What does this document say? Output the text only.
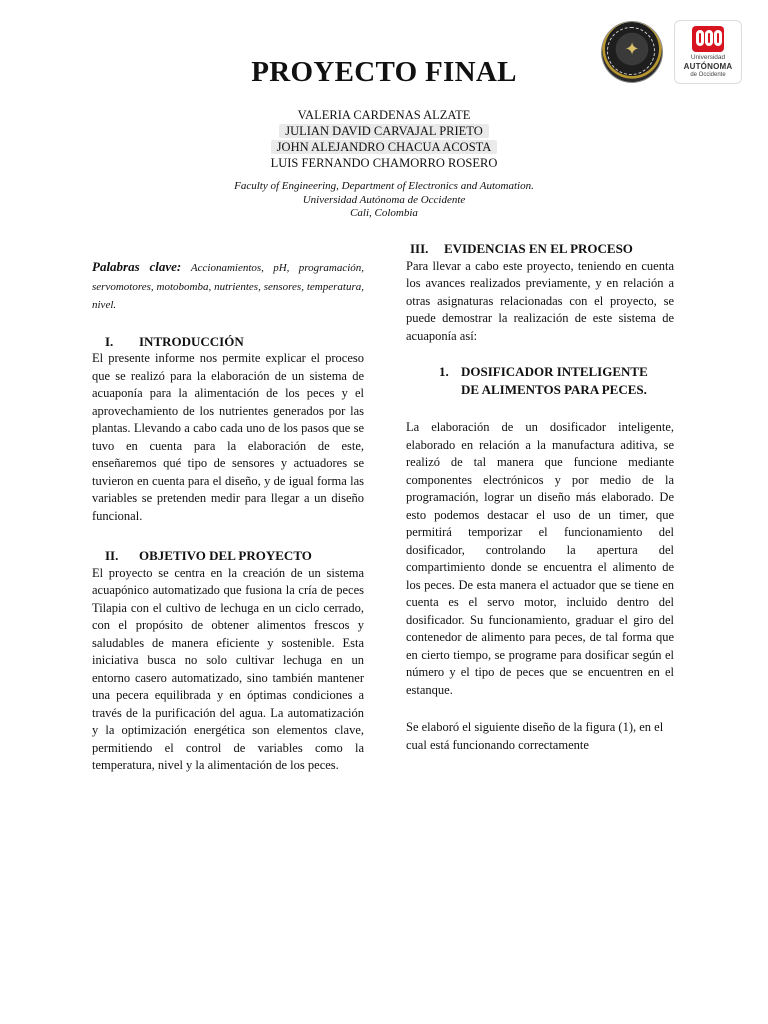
✦	Universidad
AUTÓNOMA
de Occidente
PROYECTO FINAL
VALERIA CARDENAS ALZATE
JULIAN DAVID CARVAJAL PRIETO
JOHN ALEJANDRO CHACUA ACOSTA
LUIS FERNANDO CHAMORRO ROSERO
Faculty of Engineering, Department of Electronics and Automation.
Universidad Autónoma de Occidente
Cali, Colombia

Palabras clave: Accionamientos, pH, programación, servomotores, motobomba, nutrientes, sensores, temperatura, nivel.

I. INTRODUCCIÓN

El presente informe nos permite explicar el proceso que se realizó para la elaboración de un sistema de acuaponía para la alimentación de los peces y el aprovechamiento de los nutrientes generados por las plantas. Llevando a cabo cada uno de los pasos que se tuvo en cuenta para la elaboración de este, enseñaremos qué tipo de sensores y actuadores se tuvieron en cuenta para el diseño, y de igual forma las variables se pretenden medir para llegar a un diseño funcional.

II. OBJETIVO DEL PROYECTO

El proyecto se centra en la creación de un sistema acuapónico automatizado que fusiona la cría de peces Tilapia con el cultivo de lechuga en un ciclo cerrado, con el propósito de obtener alimentos frescos y saludables de manera eficiente y sostenible. Esta iniciativa busca no solo cultivar lechuga en un entorno casero automatizado, sino también mantener una pecera equilibrada y en óptimas condiciones a través de la purificación del agua. La automatización y la optimización energética son elementos clave, permitiendo el control de variables como la temperatura, nivel y la alimentación de los peces.

III. EVIDENCIAS EN EL PROCESO

Para llevar a cabo este proyecto, teniendo en cuenta los avances realizados previamente, y en relación a otras asignaturas relacionadas con el proyecto, se puede demostrar la realización de este sistema de acuaponía así:

1. DOSIFICADOR INTELIGENTE
DE ALIMENTOS PARA PECES.

La elaboración de un dosificador inteligente, elaborado en relación a la manufactura aditiva, se realizó de tal manera que funcione mediante componentes electrónicos y por medio de la programación, lograr un diseño más elaborado. De esto podemos destacar el uso de un timer, que permitirá temporizar el funcionamiento del dosificador, controlando la apertura del compartimiento donde se encuentra el alimento de los peces. De esta manera el actuador que se tiene en cuenta es el servo motor, incluido dentro del dosificador. Su funcionamiento, graduar el giro del contenedor de alimento para peces, de tal forma que en cierto tiempo, se programe para dosificar según el número y el tipo de peces que se encuentren en el estanque.

Se elaboró el siguiente diseño de la figura (1), en el cual está funcionando correctamente
